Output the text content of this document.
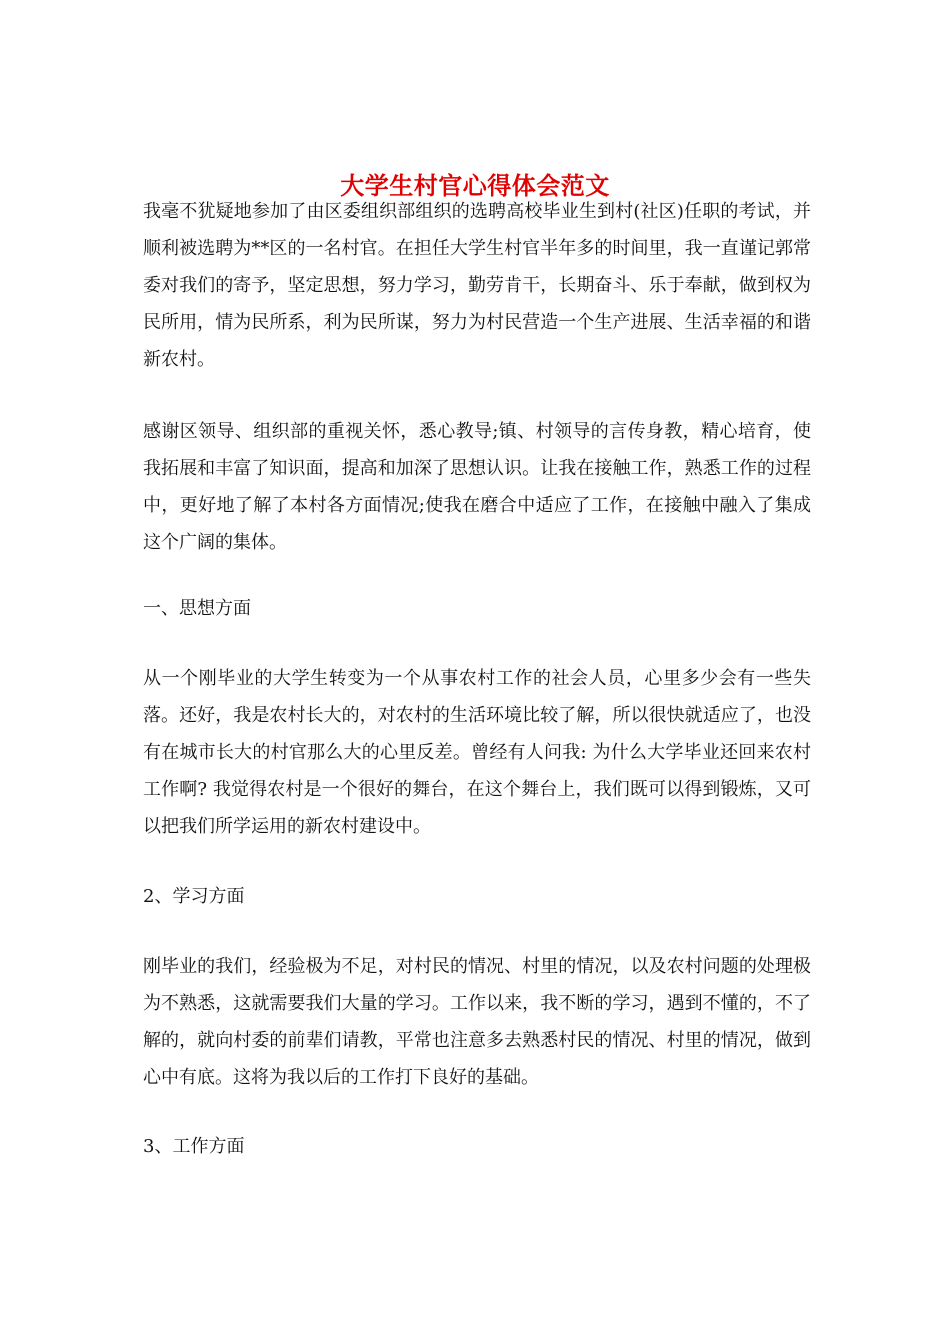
大学生村官心得体会范文

我毫不犹疑地参加了由区委组织部组织的选聘高校毕业生到村(社区)任职的考试，并顺利被选聘为**区的一名村官。在担任大学生村官半年多的时间里，我一直谨记郭常委对我们的寄予，坚定思想，努力学习，勤劳肯干，长期奋斗、乐于奉献，做到权为民所用，情为民所系，利为民所谋，努力为村民营造一个生产进展、生活幸福的和谐新农村。

感谢区领导、组织部的重视关怀，悉心教导;镇、村领导的言传身教，精心培育，使我拓展和丰富了知识面，提高和加深了思想认识。让我在接触工作，熟悉工作的过程中，更好地了解了本村各方面情况;使我在磨合中适应了工作，在接触中融入了集成这个广阔的集体。

一、思想方面

从一个刚毕业的大学生转变为一个从事农村工作的社会人员，心里多少会有一些失落。还好，我是农村长大的，对农村的生活环境比较了解，所以很快就适应了，也没有在城市长大的村官那么大的心里反差。曾经有人问我: 为什么大学毕业还回来农村工作啊? 我觉得农村是一个很好的舞台，在这个舞台上，我们既可以得到锻炼，又可以把我们所学运用的新农村建设中。

2、学习方面

刚毕业的我们，经验极为不足，对村民的情况、村里的情况，以及农村问题的处理极为不熟悉，这就需要我们大量的学习。工作以来，我不断的学习，遇到不懂的，不了解的，就向村委的前辈们请教，平常也注意多去熟悉村民的情况、村里的情况，做到心中有底。这将为我以后的工作打下良好的基础。

3、工作方面
